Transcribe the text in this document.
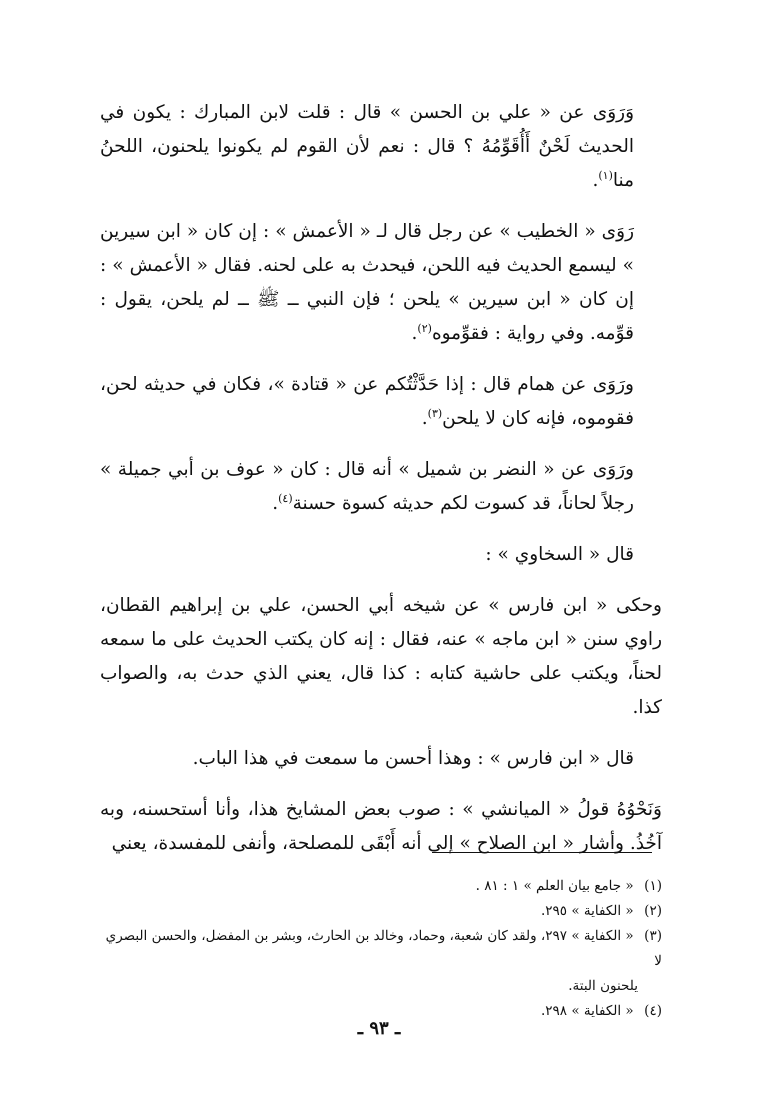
وَرَوَى عن « علي بن الحسن » قال : قلت لابن المبارك : يكون في الحديث لَحْنٌ أَأُقَوِّمُهُ ؟ قال : نعم لأن القوم لم يكونوا يلحنون، اللحنُ منا$^{(١)}$.

رَوَى « الخطيب » عن رجل قال لـ « الأعمش » : إن كان « ابن سيرين » ليسمع الحديث فيه اللحن، فيحدث به على لحنه. فقال « الأعمش » : إن كان « ابن سيرين » يلحن ؛ فإن النبي ــ ﷺ ــ لم يلحن، يقول : قوِّمه. وفي رواية : فقوِّموه$^{(٢)}$.

ورَوَى عن همام قال : إذا حَدَّثْتُكم عن « قتادة »، فكان في حديثه لحن، فقوموه، فإنه كان لا يلحن$^{(٣)}$.

ورَوَى عن « النضر بن شميل » أنه قال : كان « عوف بن أبي جميلة » رجلاً لحاناً، قد كسوت لكم حديثه كسوة حسنة$^{(٤)}$.

قال « السخاوي » :

وحكى « ابن فارس » عن شيخه أبي الحسن، علي بن إبراهيم القطان، راوي سنن « ابن ماجه » عنه، فقال : إنه كان يكتب الحديث على ما سمعه لحناً، ويكتب على حاشية كتابه : كذا قال، يعني الذي حدث به، والصواب كذا.

قال « ابن فارس » : وهذا أحسن ما سمعت في هذا الباب.

وَنَحْوُهُ قولُ « الميانشي » : صوب بعض المشايخ هذا، وأنا أستحسنه، وبه آخُذُ. وأشار « ابن الصلاح » إلى أنه أَبْقَى للمصلحة، وأنفى للمفسدة، يعني

(١) « جامع بيان العلم » ١ : ٨١ .

(٢) « الكفاية » ٢٩٥.

(٣) « الكفاية » ٢٩٧، ولقد كان شعبة، وحماد، وخالد بن الحارث، وبشر بن المفضل، والحسن البصري لا

يلحنون البتة.

(٤) « الكفاية » ٢٩٨.

ـ ٩٣ ـ
